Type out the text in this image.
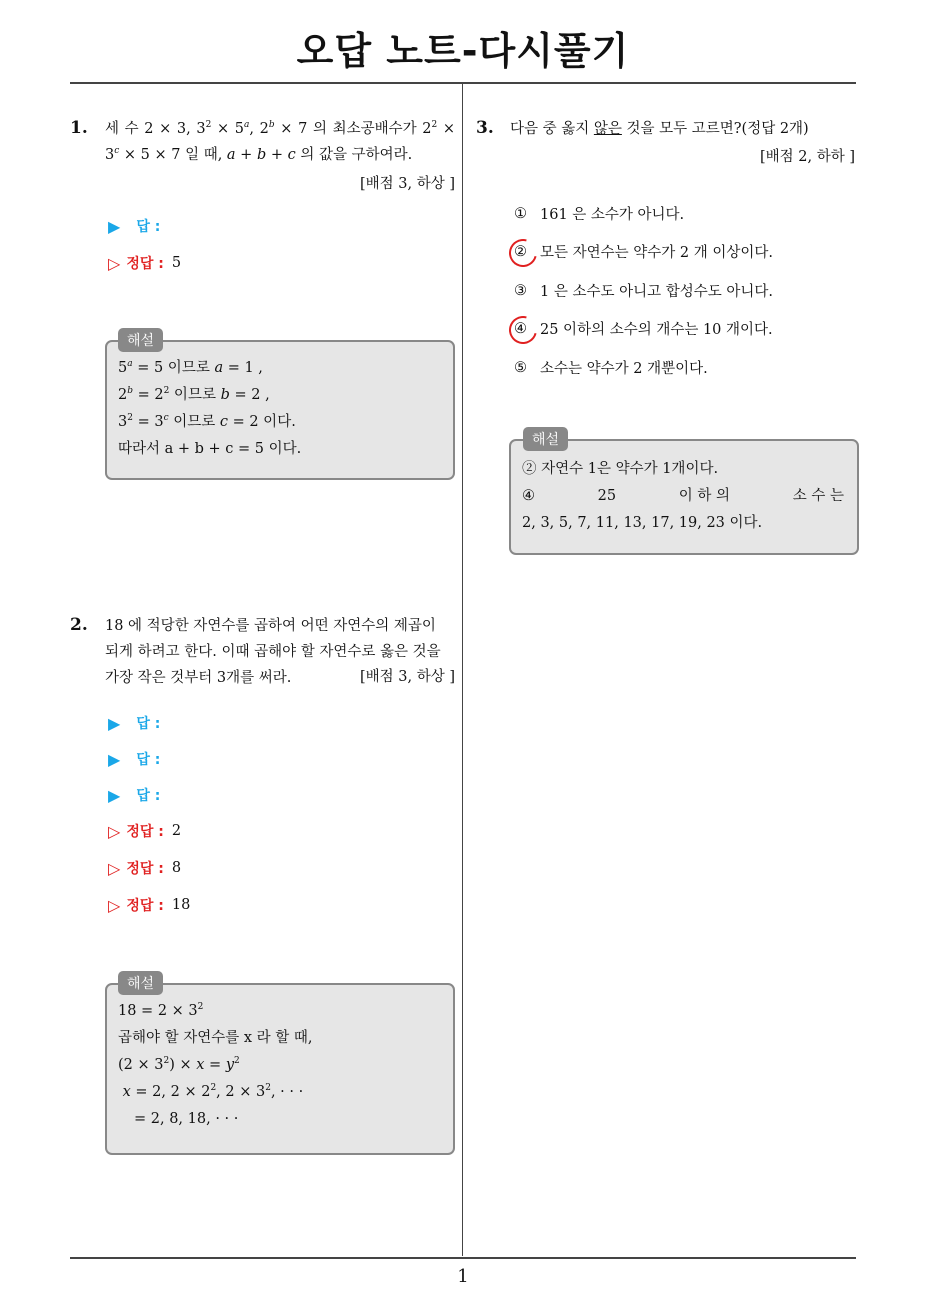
오답 노트-다시풀기
1. 세 수 2 × 3, $3^2 \times 5^a$, $2^b \times 7$ 의 최소공배수가 $2^2 \times 3^c \times 5 \times 7$ 일 때, a + b + c 의 값을 구하여라.
[배점 3, 하상 ]
▶ 답 :
▷ 정답 : 5
해설
$5^a = 5$ 이므로 a = 1 ,
$2^b = 2^2$ 이므로 b = 2 ,
$3^2 = 3^c$ 이므로 c = 2 이다.
따라서 a + b + c = 5 이다.
2. 18 에 적당한 자연수를 곱하여 어떤 자연수의 제곱이
되게 하려고 한다. 이때 곱해야 할 자연수로 옳은 것을
가장 작은 것부터 3개를 써라.	[배점 3, 하상 ]
▶ 답 :
▶ 답 :
▶ 답 :
▷ 정답 : 2
▷ 정답 : 8
▷ 정답 : 18
해설
$18 = 2 \times 3^2$
곱해야 할 자연수를 x 라 할 때,
$(2 \times 3^2) \times x = y^2$
x = 2, $2 \times 2^2$, $2 \times 3^2$, · · ·
= 2, 8, 18, · · ·
3. 다음 중 옳지 않은 것을 모두 고르면?(정답 2개)
[배점 2, 하하 ]
① 161 은 소수가 아니다.
② 모든 자연수는 약수가 2 개 이상이다.
③ 1 은 소수도 아니고 합성수도 아니다.
④ 25 이하의 소수의 개수는 10 개이다.
⑤ 소수는 약수가 2 개뿐이다.
해설
② 자연수 1은 약수가 1개이다.
④	25	이 하 의	소 수 는
2, 3, 5, 7, 11, 13, 17, 19, 23 이다.
1
